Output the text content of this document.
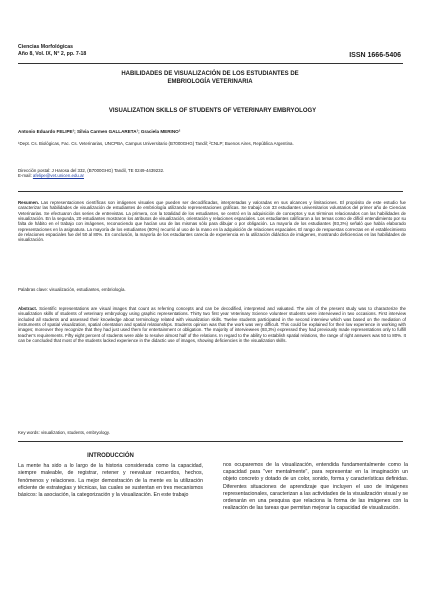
Ciencias Morfológicas
Año 8, Vol. IX, N° 2, pp. 7-18	ISSN 1666-5406
HABILIDADES DE VISUALIZACIÓN DE LOS ESTUDIANTES DE
EMBRIOLOGÍA VETERINARIA
VISUALIZATION SKILLS OF STUDENTS OF VETERINARY EMBRYOLOGY
Antonio Eduardo FELIPE¹; Silvia Carmen GALLARETA¹; Graciela MERINO²
¹Dept. Cs. Biológicas, Fac. Cs. Veterinarias, UNCPBA, Campus Universitario (B7000GHG) Tandil; ²CNLP; Buenos Aires, República Argentina.
Dirección postal: J Harosa del 332, (B7000GHG) Tandil, TE 0249-4439232.
E-mail: afelipe@vet.unicen.edu.ar
Resumen. Las representaciones científicas son imágenes visuales que pueden ser decodificadas, interpretadas y valoradas en sus alcances y limitaciones. El propósito de este estudio fue caracterizar las habilidades de visualización de estudiantes de embriología utilizando representaciones gráficas. Se trabajó con 33 estudiantes universitarios voluntarios del primer año de Ciencias Veterinarias. Se efectuaron dos series de entrevistas. La primera, con la totalidad de los estudiantes, se centró en la adquisición de conceptos y sus términos relacionados con las habilidades de visualización. En la segunda, 20 estudiantes mostraron los atributos de visualización, orientación y relaciones espaciales. Los estudiantes calificaron a los temas como de difícil entendimiento por su falta de hábito en el trabajo con imágenes, reconociendo que hacían uso de las mismas sólo para dibujar o por obligación. La mayoría de los estudiantes (93,3%) señaló que había elaborado representaciones en la asignatura. La mayoría de los estudiantes (80%) recurrió al uso de la mano en la adquisición de relaciones espaciales. El rango de respuestas correctas en el establecimiento de relaciones espaciales fue del 50 al 80%. En conclusión, la mayoría de los estudiantes carecía de experiencia en la utilización didáctica de imágenes, mostrando deficiencias en las habilidades de visualización.
Palabras clave: visualización, estudiantes, embriología.
Abstract. Scientific representations are visual images that count as referring concepts and can be decodified, interpreted and valuated. The aim of the present study was to characterize the visualization skills of students of veterinary embryology using graphic representations. Thirty two first year Veterinary Science volunteer students were interviewed in two occasions. First interview included all students and assessed their knowledge about terminology related with visualization skills. Twelve students participated in the second interview which was based on the mediation of instruments of spatial visualization, spatial orientation and spatial relationships. Students opinion was that the work was very difficult. This could be explained for their low experience in working with images; moreover they recognize that they had just used them for entertainment or obligation. The majority of interviewees (93,3%) expressed they had previously made representations only to fulfill teacher's requirements. Fifty eight percent of students were able to resolve almost half of the relations. In regard to the ability to establish spatial relations, the range of right answers was 50 to 80%. It can be concluded that most of the students lacked experience in the didactic use of images, showing deficiencies in the visualization skills.
Key words: visualization, students, embryology.
INTRODUCCIÓN
La mente ha sido a lo largo de la historia considerada como la capacidad, siempre maleable, de registrar, retener y reevaluar recuerdos, hechos, fenómenos y relaciones. La mejor demostración de la mente es la utilización eficiente de estrategias y técnicas, las cuales se sustentan en tres mecanismos básicos: la asociación, la categorización y la visualización. En este trabajo
nos ocuparemos de la visualización, entendida fundamentalmente como la capacidad para "ver mentalmente", para representar en la imaginación un objeto concreto y dotado de un color, sonido, forma y características definidas. Diferentes situaciones de aprendizaje que incluyen el uso de imágenes representacionales, caracterizan a las actividades de la visualización visual y se ordenarán en una pesquisa que relaciona la forma de las imágenes con la realización de las tareas que permitan mejorar la capacidad de visualización.
